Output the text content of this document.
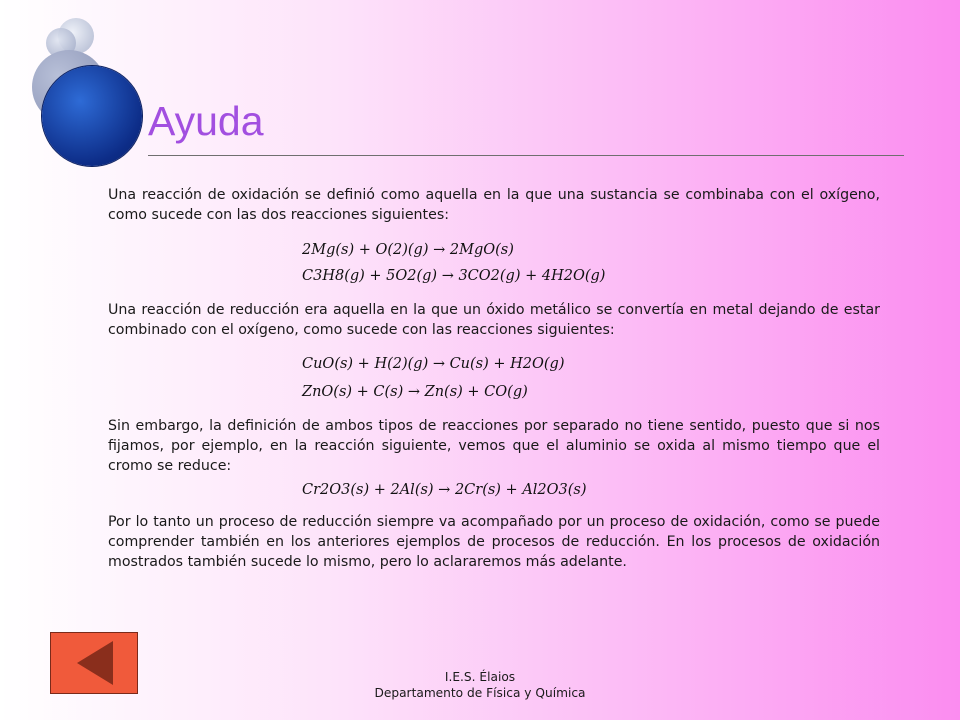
Ayuda

Una reacción de oxidación se definió como aquella en la que una sustancia se combinaba con el oxígeno, como sucede con las dos reacciones siguientes:

2Mg(s) + O(2)(g) → 2MgO(s)
C3H8(g) + 5O2(g) → 3CO2(g) + 4H2O(g)

Una reacción de reducción era aquella en la que un óxido metálico se convertía en metal dejando de estar combinado con el oxígeno, como sucede con las reacciones siguientes:

CuO(s) + H(2)(g) → Cu(s) + H2O(g)
ZnO(s) + C(s) → Zn(s) + CO(g)

Sin embargo, la definición de ambos tipos de reacciones por separado no tiene sentido, puesto que si nos fijamos, por ejemplo, en la reacción siguiente, vemos que el aluminio se oxida al mismo tiempo que el cromo se reduce:

Cr2O3(s) + 2Al(s) → 2Cr(s) + Al2O3(s)

Por lo tanto un proceso de reducción siempre va acompañado por un proceso de oxidación, como se puede comprender también en los anteriores ejemplos de procesos de reducción. En los procesos de oxidación mostrados también sucede lo mismo, pero lo aclararemos más adelante.

I.E.S. Élaios
Departamento de Física y Química
